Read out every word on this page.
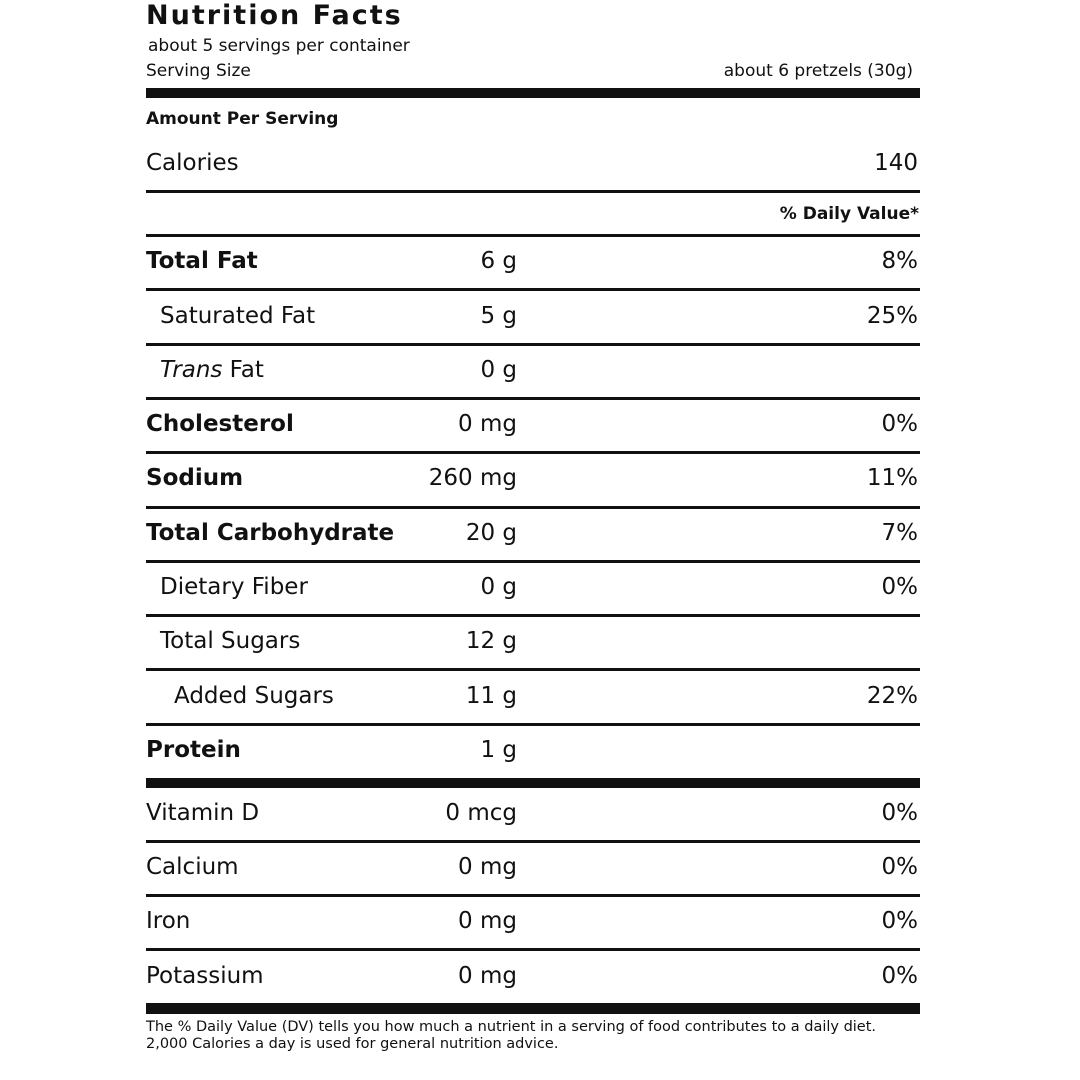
Nutrition Facts
about 5 servings per container
Serving Size	about 6 pretzels (30g)
Amount Per Serving
Calories	140
% Daily Value*
Total Fat	6 g	8%
Saturated Fat	5 g	25%
Trans Fat	0 g
Cholesterol	0 mg	0%
Sodium	260 mg	11%
Total Carbohydrate	20 g	7%
Dietary Fiber	0 g	0%
Total Sugars	12 g
Added Sugars	11 g	22%
Protein	1 g
Vitamin D	0 mcg	0%
Calcium	0 mg	0%
Iron	0 mg	0%
Potassium	0 mg	0%
The % Daily Value (DV) tells you how much a nutrient in a serving of food contributes to a daily diet.
2,000 Calories a day is used for general nutrition advice.
